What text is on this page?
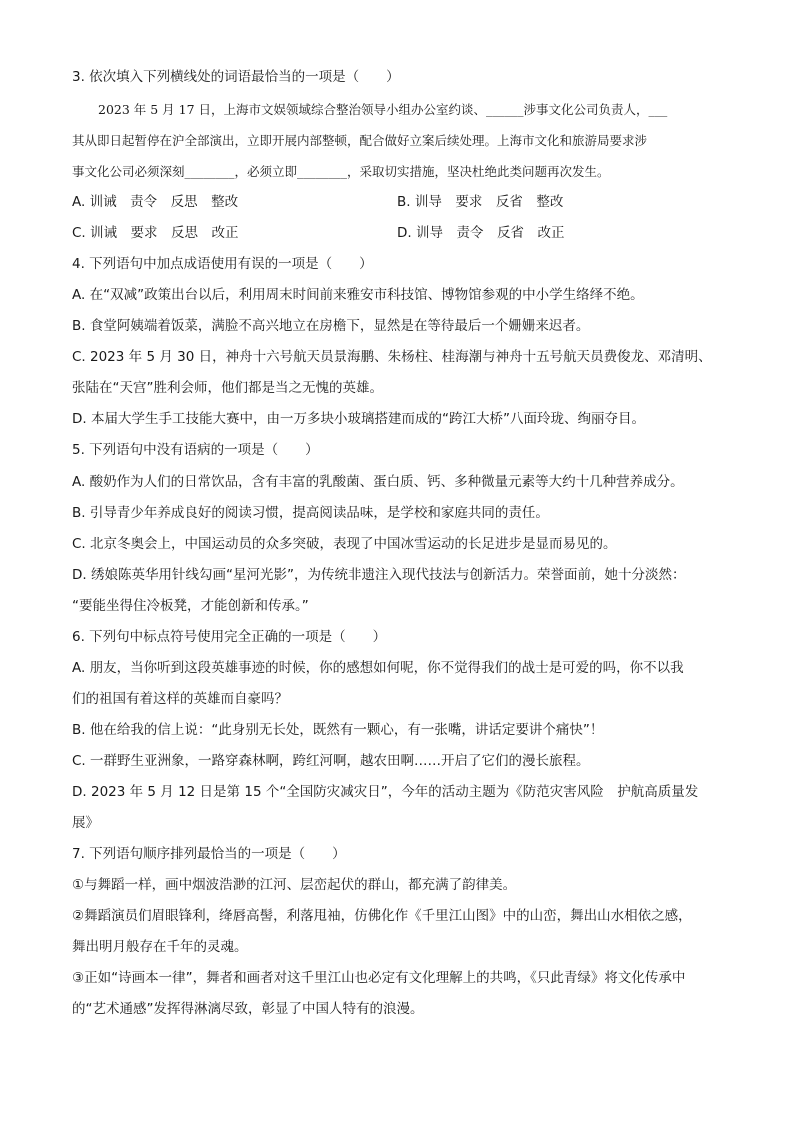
3. 依次填入下列横线处的词语最恰当的一项是（　　）
2023 年 5 月 17 日，上海市文娱领域综合整治领导小组办公室约谈、______涉事文化公司负责人，___
其从即日起暂停在沪全部演出，立即开展内部整顿，配合做好立案后续处理。上海市文化和旅游局要求涉
事文化公司必须深刻________，必须立即________，采取切实措施，坚决杜绝此类问题再次发生。
A. 训诫　责令　反思　整改	B. 训导　要求　反省　整改
C. 训诫　要求　反思　改正	D. 训导　责令　反省　改正
4. 下列语句中加点成语使用有误的一项是（　　）
A. 在“双减”政策出台以后，利用周末时间前来雅安市科技馆、博物馆参观的中小学生络绎不绝。
B. 食堂阿姨端着饭菜，满脸不高兴地立在房檐下，显然是在等待最后一个姗姗来迟者。
C. 2023 年 5 月 30 日，神舟十六号航天员景海鹏、朱杨柱、桂海潮与神舟十五号航天员费俊龙、邓清明、
张陆在“天宫”胜利会师，他们都是当之无愧的英雄。
D. 本届大学生手工技能大赛中，由一万多块小玻璃搭建而成的“跨江大桥”八面玲珑、绚丽夺目。
5. 下列语句中没有语病的一项是（　　）
A. 酸奶作为人们的日常饮品，含有丰富的乳酸菌、蛋白质、钙、多种微量元素等大约十几种营养成分。
B. 引导青少年养成良好的阅读习惯，提高阅读品味，是学校和家庭共同的责任。
C. 北京冬奥会上，中国运动员的众多突破，表现了中国冰雪运动的长足进步是显而易见的。
D. 绣娘陈英华用针线勾画“星河光影”，为传统非遗注入现代技法与创新活力。荣誉面前，她十分淡然：
“要能坐得住冷板凳，才能创新和传承。”
6. 下列句中标点符号使用完全正确的一项是（　　）
A. 朋友，当你听到这段英雄事迹的时候，你的感想如何呢，你不觉得我们的战士是可爱的吗，你不以我
们的祖国有着这样的英雄而自豪吗？
B. 他在给我的信上说：“此身别无长处，既然有一颗心，有一张嘴，讲话定要讲个痛快”！
C. 一群野生亚洲象，一路穿森林啊，跨红河啊，越农田啊……开启了它们的漫长旅程。
D. 2023 年 5 月 12 日是第 15 个“全国防灾减灾日”，今年的活动主题为《防范灾害风险　护航高质量发
展》
7. 下列语句顺序排列最恰当的一项是（　　）
①与舞蹈一样，画中烟波浩渺的江河、层峦起伏的群山，都充满了韵律美。
②舞蹈演员们眉眼锋利，绛唇高髻，利落甩袖，仿佛化作《千里江山图》中的山峦，舞出山水相依之感，
舞出明月般存在千年的灵魂。
③正如“诗画本一律”，舞者和画者对这千里江山也必定有文化理解上的共鸣，《只此青绿》将文化传承中
的“艺术通感”发挥得淋漓尽致，彰显了中国人特有的浪漫。
